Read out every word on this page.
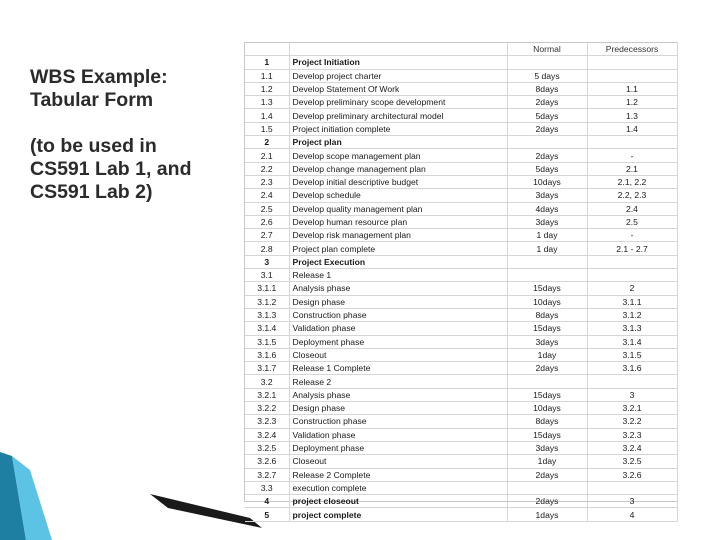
WBS Example:
Tabular Form
(to be used in
CS591 Lab 1, and
CS591 Lab 2)
		Normal	Predecessors
1	Project Initiation		
1.1	Develop project charter	5 days	
1.2	Develop Statement Of Work	8days	1.1
1.3	Develop preliminary scope development	2days	1.2
1.4	Develop preliminary architectural model	5days	1.3
1.5	Project initiation complete	2days	1.4
2	Project plan		
2.1	Develop scope management plan	2days	-
2.2	Develop change management plan	5days	2.1
2.3	Develop initial descriptive budget	10days	2.1, 2.2
2.4	Develop schedule	3days	2.2, 2.3
2.5	Develop quality management plan	4days	2.4
2.6	Develop human resource plan	3days	2.5
2.7	Develop risk management plan	1 day	-
2.8	Project plan complete	1 day	2.1 - 2.7
3	Project Execution		
3.1	Release 1		
3.1.1	Analysis phase	15days	2
3.1.2	Design phase	10days	3.1.1
3.1.3	Construction phase	8days	3.1.2
3.1.4	Validation phase	15days	3.1.3
3.1.5	Deployment phase	3days	3.1.4
3.1.6	Closeout	1day	3.1.5
3.1.7	Release 1 Complete	2days	3.1.6
3.2	Release 2		
3.2.1	Analysis phase	15days	3
3.2.2	Design phase	10days	3.2.1
3.2.3	Construction phase	8days	3.2.2
3.2.4	Validation phase	15days	3.2.3
3.2.5	Deployment phase	3days	3.2.4
3.2.6	Closeout	1day	3.2.5
3.2.7	Release 2 Complete	2days	3.2.6
3.3	execution complete		
4	project closeout	2days	3
5	project complete	1days	4
